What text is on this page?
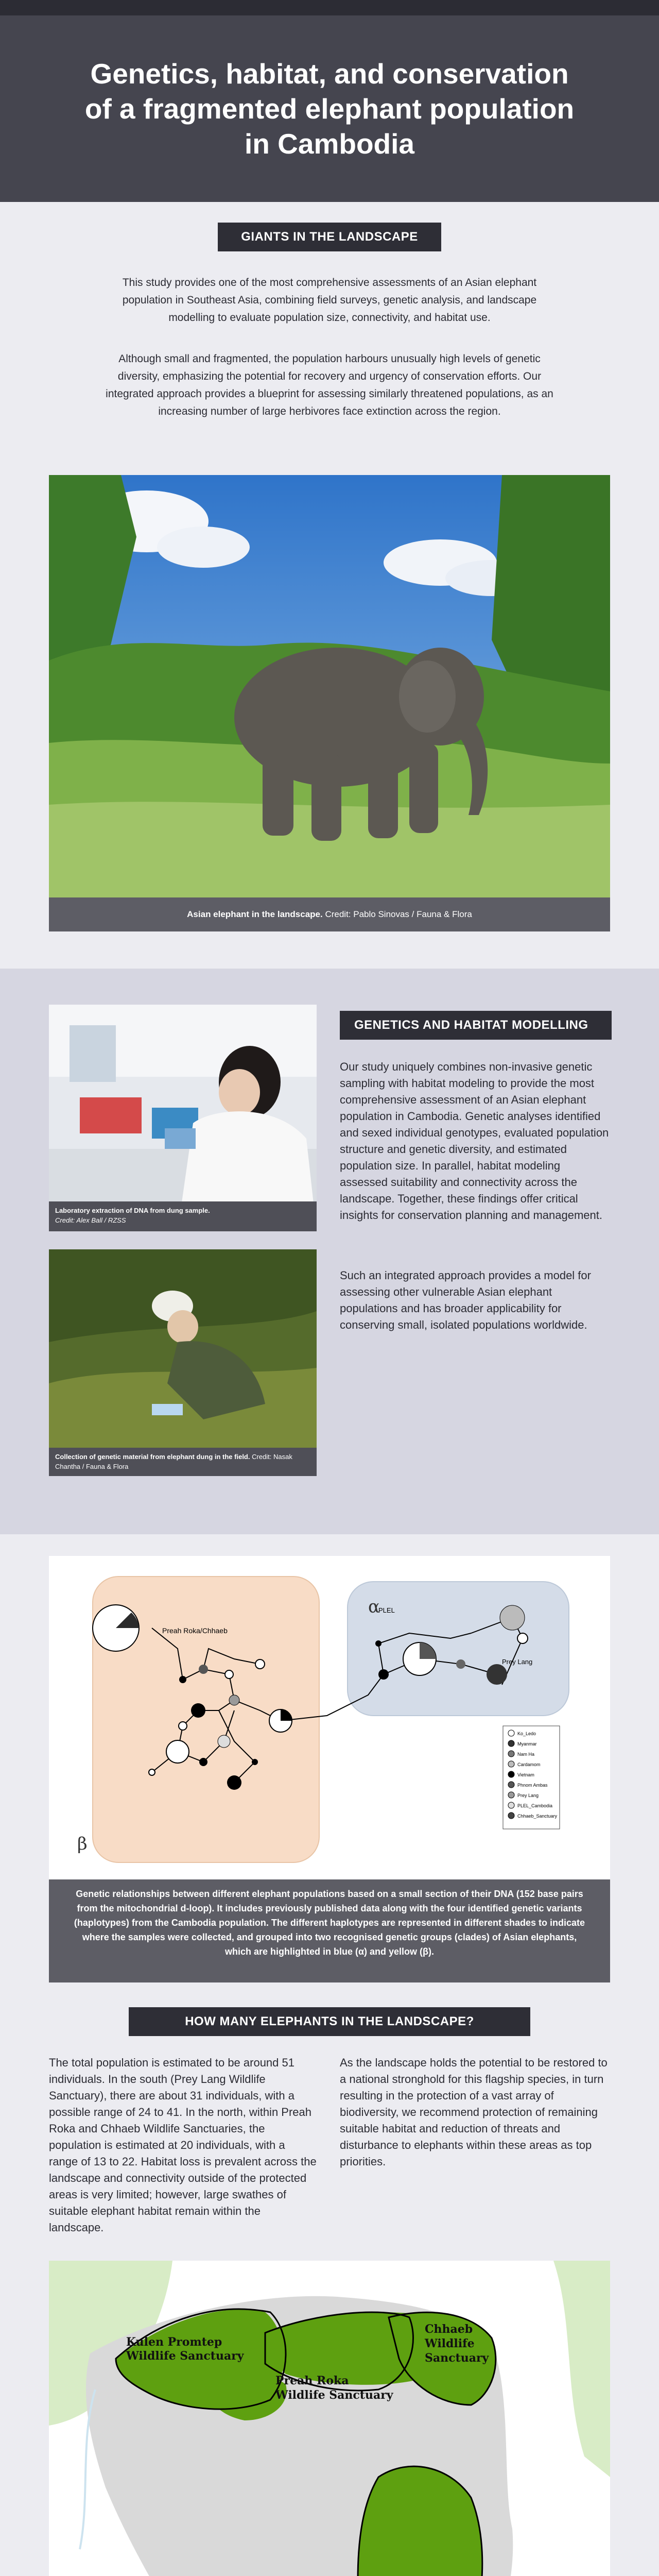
Genetics, habitat, and conservation of a fragmented elephant population in Cambodia
GIANTS IN THE LANDSCAPE

This study provides one of the most comprehensive assessments of an Asian elephant population in Southeast Asia, combining field surveys, genetic analysis, and landscape modelling to evaluate population size, connectivity, and habitat use.

Although small and fragmented, the population harbours unusually high levels of genetic diversity, emphasizing the potential for recovery and urgency of conservation efforts. Our integrated approach provides a blueprint for assessing similarly threatened populations, as an increasing number of large herbivores face extinction across the region.

Asian elephant in the landscape. Credit: Pablo Sinovas / Fauna & Flora
Laboratory extraction of DNA from dung sample.
Credit: Alex Ball / RZSS
Collection of genetic material from elephant dung in the field. Credit: Nasak Chantha / Fauna & Flora
GENETICS AND HABITAT MODELLING

Our study uniquely combines non-invasive genetic sampling with habitat modeling to provide the most comprehensive assessment of an Asian elephant population in Cambodia. Genetic analyses identified and sexed individual genotypes, evaluated population structure and genetic diversity, and estimated population size. In parallel, habitat modeling assessed suitability and connectivity across the landscape. Together, these findings offer critical insights for conservation planning and management.

Such an integrated approach provides a model for assessing other vulnerable Asian elephant populations and has broader applicability for conserving small, isolated populations worldwide.

Preah Roka/Chhaeb
PLEL
Prey Lang
α
β
Ko_Ledo
Myanmar
Nam Ha
Cardamom
Vietnam
Phnom Ambas
Prey Lang
PLEL_Cambodia
Chhaeb_Sanctuary
Genetic relationships between different elephant populations based on a small section of their DNA (152 base pairs from the mitochondrial d-loop). It includes previously published data along with the four identified genetic variants (haplotypes) from the Cambodia population. The different haplotypes are represented in different shades to indicate where the samples were collected, and grouped into two recognised genetic groups (clades) of Asian elephants, which are highlighted in blue (α) and yellow (β).
HOW MANY ELEPHANTS IN THE LANDSCAPE?

The total population is estimated to be around 51 individuals. In the south (Prey Lang Wildlife Sanctuary), there are about 31 individuals, with a possible range of 24 to 41. In the north, within Preah Roka and Chhaeb Wildlife Sanctuaries, the population is estimated at 20 individuals, with a range of 13 to 22. Habitat loss is prevalent across the landscape and connectivity outside of the protected areas is very limited; however, large swathes of suitable elephant habitat remain within the landscape.

As the landscape holds the potential to be restored to a national stronghold for this flagship species, in turn resulting in the protection of a vast array of biodiversity, we recommend protection of remaining suitable habitat and reduction of threats and disturbance to elephants within these areas as top priorities.

Kulen Promtep Wildlife Sanctuary
Preah Roka Wildlife Sanctuary
Chhaeb Wildlife Sanctuary
